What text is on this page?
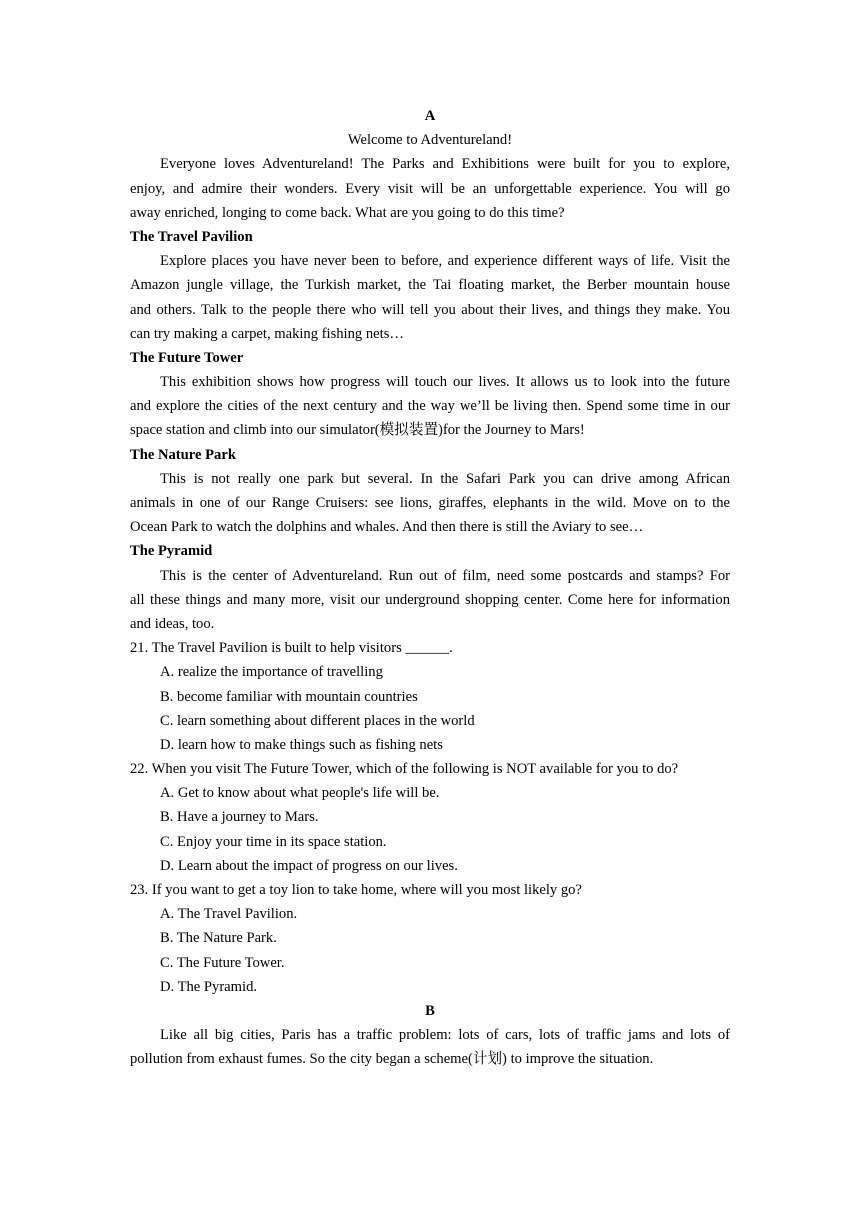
A
Welcome to Adventureland!
Everyone loves Adventureland! The Parks and Exhibitions were built for you to explore,
enjoy, and admire their wonders. Every visit will be an unforgettable experience. You will go
away enriched, longing to come back. What are you going to do this time?
The Travel Pavilion
Explore places you have never been to before, and experience different ways of life. Visit the
Amazon jungle village, the Turkish market, the Tai floating market, the Berber mountain house
and others. Talk to the people there who will tell you about their lives, and things they make. You
can try making a carpet, making fishing nets…
The Future Tower
This exhibition shows how progress will touch our lives. It allows us to look into the future
and explore the cities of the next century and the way we’ll be living then. Spend some time in our
space station and climb into our simulator(模拟装置)for the Journey to Mars!
The Nature Park
This is not really one park but several. In the Safari Park you can drive among African
animals in one of our Range Cruisers: see lions, giraffes, elephants in the wild. Move on to the
Ocean Park to watch the dolphins and whales. And then there is still the Aviary to see…
The Pyramid
This is the center of Adventureland. Run out of film, need some postcards and stamps? For
all these things and many more, visit our underground shopping center. Come here for information
and ideas, too.
21. The Travel Pavilion is built to help visitors ______.
A. realize the importance of travelling
B. become familiar with mountain countries
C. learn something about different places in the world
D. learn how to make things such as fishing nets
22. When you visit The Future Tower, which of the following is NOT available for you to do?
A. Get to know about what people's life will be.
B. Have a journey to Mars.
C. Enjoy your time in its space station.
D. Learn about the impact of progress on our lives.
23. If you want to get a toy lion to take home, where will you most likely go?
A. The Travel Pavilion.
B. The Nature Park.
C. The Future Tower.
D. The Pyramid.
B
Like all big cities, Paris has a traffic problem: lots of cars, lots of traffic jams and lots of
pollution from exhaust fumes. So the city began a scheme(计划) to improve the situation.
